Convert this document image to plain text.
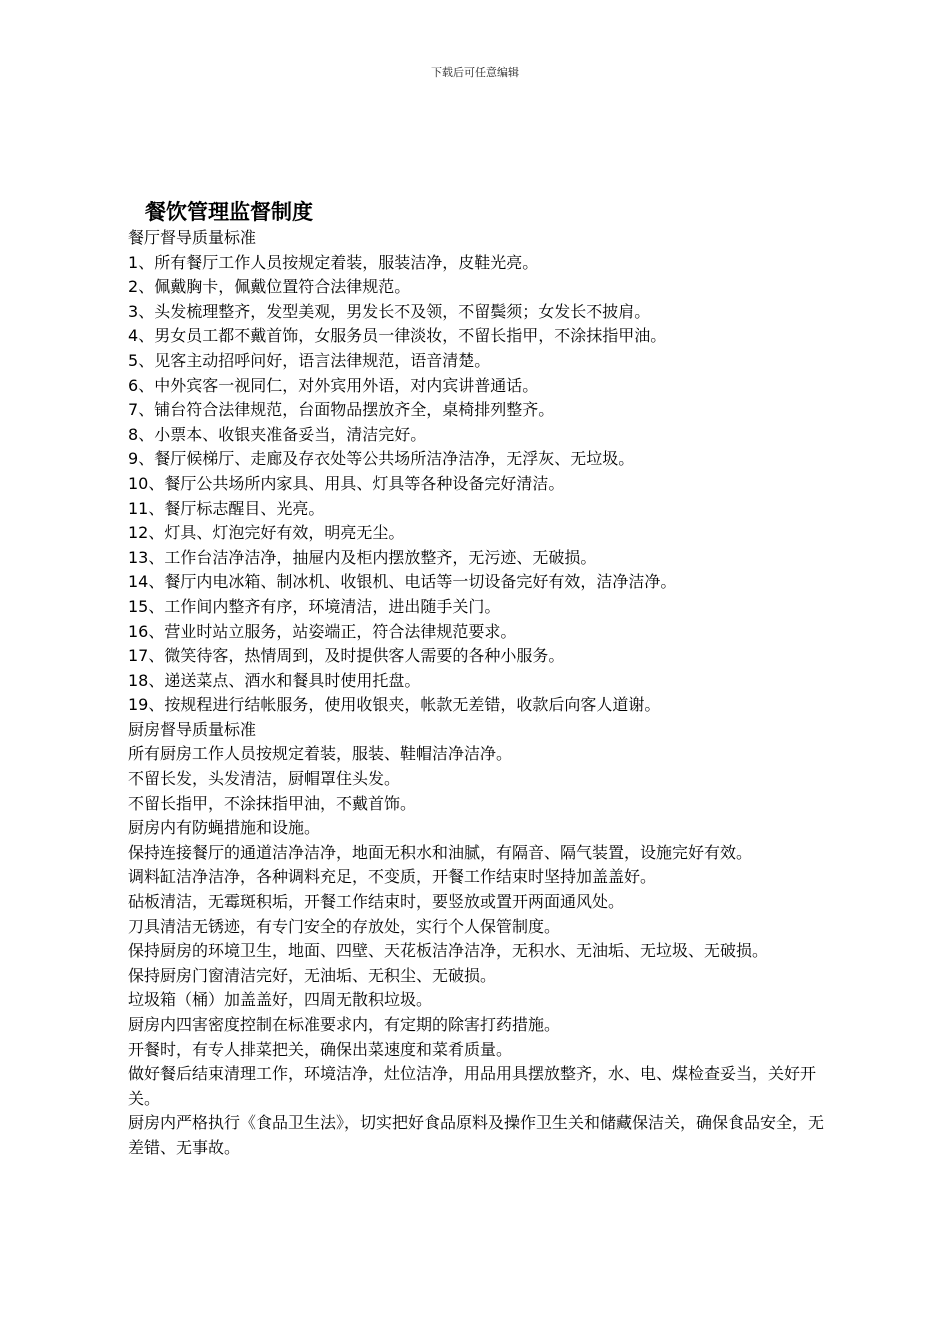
下载后可任意编辑
餐饮管理监督制度
餐厅督导质量标准
1、所有餐厅工作人员按规定着装，服装洁净，皮鞋光亮。
2、佩戴胸卡，佩戴位置符合法律规范。
3、头发梳理整齐，发型美观，男发长不及领，不留鬓须；女发长不披肩。
4、男女员工都不戴首饰，女服务员一律淡妆，不留长指甲，不涂抹指甲油。
5、见客主动招呼问好，语言法律规范，语音清楚。
6、中外宾客一视同仁，对外宾用外语，对内宾讲普通话。
7、铺台符合法律规范，台面物品摆放齐全，桌椅排列整齐。
8、小票本、收银夹准备妥当，清洁完好。
9、餐厅候梯厅、走廊及存衣处等公共场所洁净洁净，无浮灰、无垃圾。
10、餐厅公共场所内家具、用具、灯具等各种设备完好清洁。
11、餐厅标志醒目、光亮。
12、灯具、灯泡完好有效，明亮无尘。
13、工作台洁净洁净，抽屉内及柜内摆放整齐，无污迹、无破损。
14、餐厅内电冰箱、制冰机、收银机、电话等一切设备完好有效，洁净洁净。
15、工作间内整齐有序，环境清洁，进出随手关门。
16、营业时站立服务，站姿端正，符合法律规范要求。
17、微笑待客，热情周到，及时提供客人需要的各种小服务。
18、递送菜点、酒水和餐具时使用托盘。
19、按规程进行结帐服务，使用收银夹，帐款无差错，收款后向客人道谢。
厨房督导质量标准
所有厨房工作人员按规定着装，服装、鞋帽洁净洁净。
不留长发，头发清洁，厨帽罩住头发。
不留长指甲，不涂抹指甲油，不戴首饰。
厨房内有防蝇措施和设施。
保持连接餐厅的通道洁净洁净，地面无积水和油腻，有隔音、隔气装置，设施完好有效。
调料缸洁净洁净，各种调料充足，不变质，开餐工作结束时坚持加盖盖好。
砧板清洁，无霉斑积垢，开餐工作结束时，要竖放或置开两面通风处。
刀具清洁无锈迹，有专门安全的存放处，实行个人保管制度。
保持厨房的环境卫生，地面、四壁、天花板洁净洁净，无积水、无油垢、无垃圾、无破损。
保持厨房门窗清洁完好，无油垢、无积尘、无破损。
垃圾箱（桶）加盖盖好，四周无散积垃圾。
厨房内四害密度控制在标准要求内，有定期的除害打药措施。
开餐时，有专人排菜把关，确保出菜速度和菜肴质量。
做好餐后结束清理工作，环境洁净，灶位洁净，用品用具摆放整齐，水、电、煤检查妥当，关好开关。
厨房内严格执行《食品卫生法》，切实把好食品原料及操作卫生关和储藏保洁关，确保食品安全，无差错、无事故。
